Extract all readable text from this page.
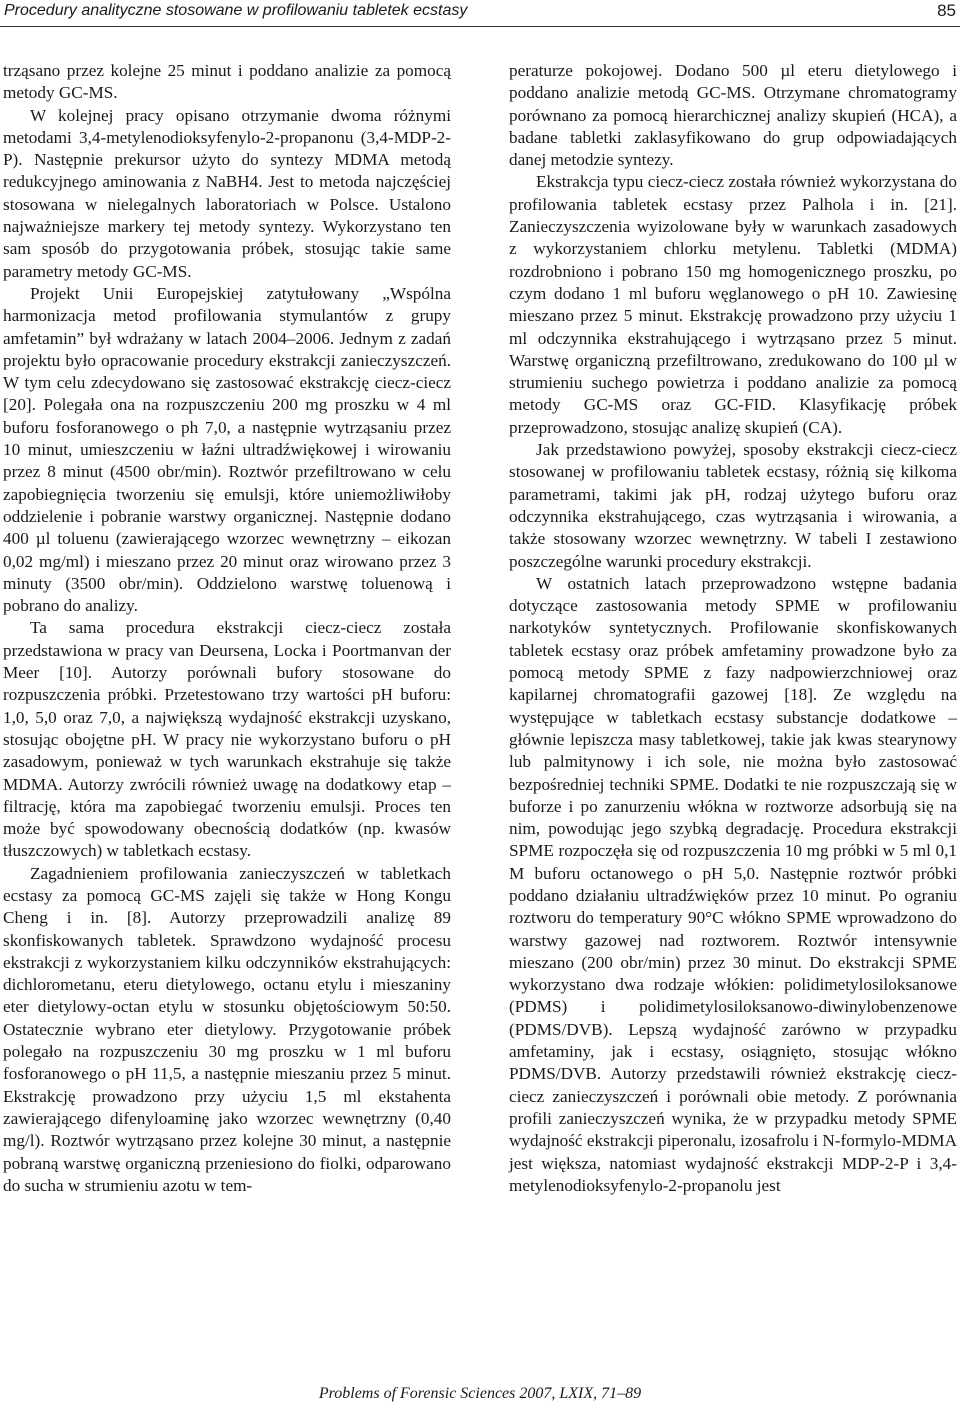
Procedury analityczne stosowane w profilowaniu tabletek ecstasy	85

trząsano przez kolejne 25 minut i poddano analizie za pomocą metody GC-MS.

W kolejnej pracy opisano otrzymanie dwoma różnymi metodami 3,4-metylenodioksyfenylo-2-propanonu (3,4-MDP-2-P). Następnie prekursor użyto do syntezy MDMA metodą redukcyjnego aminowania z NaBH4. Jest to metoda najczęściej stosowana w nielegalnych laboratoriach w Polsce. Ustalono najważniejsze markery tej metody syntezy. Wykorzystano ten sam sposób do przygotowania próbek, stosując takie same parametry metody GC-MS.

Projekt Unii Europejskiej zatytułowany „Wspólna harmonizacja metod profilowania stymulantów z grupy amfetamin” był wdrażany w latach 2004–2006. Jednym z zadań projektu było opracowanie procedury ekstrakcji zanieczyszczeń. W tym celu zdecydowano się zastosować ekstrakcję ciecz-ciecz [20]. Polegała ona na rozpuszczeniu 200 mg proszku w 4 ml buforu fosforanowego o ph 7,0, a następnie wytrząsaniu przez 10 minut, umieszczeniu w łaźni ultradźwiękowej i wirowaniu przez 8 minut (4500 obr/min). Roztwór przefiltrowano w celu zapobiegnięcia tworzeniu się emulsji, które uniemożliwiłoby oddzielenie i pobranie warstwy organicznej. Następnie dodano 400 µl toluenu (zawierającego wzorzec wewnętrzny – eikozan 0,02 mg/ml) i mieszano przez 20 minut oraz wirowano przez 3 minuty (3500 obr/min). Oddzielono warstwę toluenową i pobrano do analizy.

Ta sama procedura ekstrakcji ciecz-ciecz została przedstawiona w pracy van Deursena, Locka i Poortmanvan der Meer [10]. Autorzy porównali bufory stosowane do rozpuszczenia próbki. Przetestowano trzy wartości pH buforu: 1,0, 5,0 oraz 7,0, a największą wydajność ekstrakcji uzyskano, stosując obojętne pH. W pracy nie wykorzystano buforu o pH zasadowym, ponieważ w tych warunkach ekstrahuje się także MDMA. Autorzy zwrócili również uwagę na dodatkowy etap – filtrację, która ma zapobiegać tworzeniu emulsji. Proces ten może być spowodowany obecnością dodatków (np. kwasów tłuszczowych) w tabletkach ecstasy.

Zagadnieniem profilowania zanieczyszczeń w tabletkach ecstasy za pomocą GC-MS zajęli się także w Hong Kongu Cheng i in. [8]. Autorzy przeprowadzili analizę 89 skonfiskowanych tabletek. Sprawdzono wydajność procesu ekstrakcji z wykorzystaniem kilku odczynników ekstrahujących: dichlorometanu, eteru dietylowego, octanu etylu i mieszaniny eter dietylowy-octan etylu w stosunku objętościowym 50:50. Ostatecznie wybrano eter dietylowy. Przygotowanie próbek polegało na rozpuszczeniu 30 mg proszku w 1 ml buforu fosforanowego o pH 11,5, a następnie mieszaniu przez 5 minut. Ekstrakcję prowadzono przy użyciu 1,5 ml ekstahenta zawierającego difenyloaminę jako wzorzec wewnętrzny (0,40 mg/l). Roztwór wytrząsano przez kolejne 30 minut, a następnie pobraną warstwę organiczną przeniesiono do fiolki, odparowano do sucha w strumieniu azotu w tem-

peraturze pokojowej. Dodano 500 µl eteru dietylowego i poddano analizie metodą GC-MS. Otrzymane chromatogramy porównano za pomocą hierarchicznej analizy skupień (HCA), a badane tabletki zaklasyfikowano do grup odpowiadających danej metodzie syntezy.

Ekstrakcja typu ciecz-ciecz została również wykorzystana do profilowania tabletek ecstasy przez Palhola i in. [21]. Zanieczyszczenia wyizolowane były w warunkach zasadowych z wykorzystaniem chlorku metylenu. Tabletki (MDMA) rozdrobniono i pobrano 150 mg homogenicznego proszku, po czym dodano 1 ml buforu węglanowego o pH 10. Zawiesinę mieszano przez 5 minut. Ekstrakcję prowadzono przy użyciu 1 ml odczynnika ekstrahującego i wytrząsano przez 5 minut. Warstwę organiczną przefiltrowano, zredukowano do 100 µl w strumieniu suchego powietrza i poddano analizie za pomocą metody GC-MS oraz GC-FID. Klasyfikację próbek przeprowadzono, stosując analizę skupień (CA).

Jak przedstawiono powyżej, sposoby ekstrakcji ciecz-ciecz stosowanej w profilowaniu tabletek ecstasy, różnią się kilkoma parametrami, takimi jak pH, rodzaj użytego buforu oraz odczynnika ekstrahującego, czas wytrząsania i wirowania, a także stosowany wzorzec wewnętrzny. W tabeli I zestawiono poszczególne warunki procedury ekstrakcji.

W ostatnich latach przeprowadzono wstępne badania dotyczące zastosowania metody SPME w profilowaniu narkotyków syntetycznych. Profilowanie skonfiskowanych tabletek ecstasy oraz próbek amfetaminy prowadzone było za pomocą metody SPME z fazy nadpowierzchniowej oraz kapilarnej chromatografii gazowej [18]. Ze względu na występujące w tabletkach ecstasy substancje dodatkowe – głównie lepiszcza masy tabletkowej, takie jak kwas stearynowy lub palmitynowy i ich sole, nie można było zastosować bezpośredniej techniki SPME. Dodatki te nie rozpuszczają się w buforze i po zanurzeniu włókna w roztworze adsorbują się na nim, powodując jego szybką degradację. Procedura ekstrakcji SPME rozpoczęła się od rozpuszczenia 10 mg próbki w 5 ml 0,1 M buforu octanowego o pH 5,0. Następnie roztwór próbki poddano działaniu ultradźwięków przez 10 minut. Po ograniu roztworu do temperatury 90°C włókno SPME wprowadzono do warstwy gazowej nad roztworem. Roztwór intensywnie mieszano (200 obr/min) przez 30 minut. Do ekstrakcji SPME wykorzystano dwa rodzaje włókien: polidimetylosiloksanowe (PDMS) i polidimetylosiloksanowo-diwinylobenzenowe (PDMS/DVB). Lepszą wydajność zarówno w przypadku amfetaminy, jak i ecstasy, osiągnięto, stosując włókno PDMS/DVB. Autorzy przedstawili również ekstrakcję ciecz-ciecz zanieczyszczeń i porównali obie metody. Z porównania profili zanieczyszczeń wynika, że w przypadku metody SPME wydajność ekstrakcji piperonalu, izosafrolu i N-formylo-MDMA jest większa, natomiast wydajność ekstrakcji MDP-2-P i 3,4-metylenodioksyfenylo-2-propanolu jest

Problems of Forensic Sciences 2007, LXIX, 71–89
